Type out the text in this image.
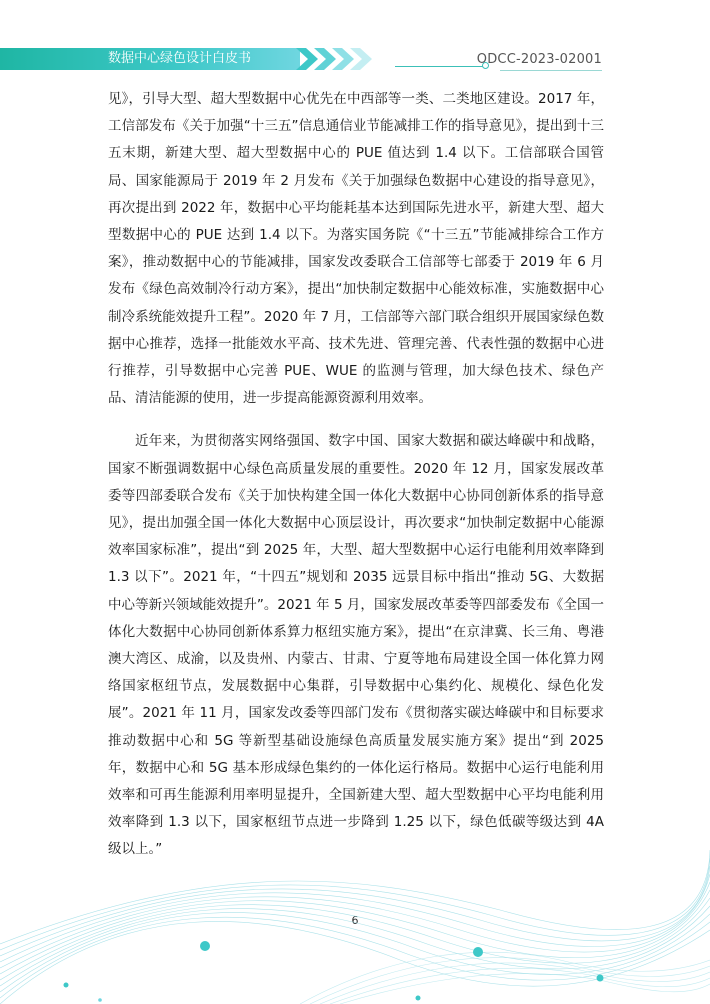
数据中心绿色设计白皮书	ODCC-2023-02001

见》，引导大型、超大型数据中心优先在中西部等一类、二类地区建设。2017 年，工信部发布《关于加强“十三五”信息通信业节能减排工作的指导意见》，提出到十三五末期，新建大型、超大型数据中心的 PUE 值达到 1.4 以下。工信部联合国管局、国家能源局于 2019 年 2 月发布《关于加强绿色数据中心建设的指导意见》，再次提出到 2022 年，数据中心平均能耗基本达到国际先进水平，新建大型、超大型数据中心的 PUE 达到 1.4 以下。为落实国务院《“十三五”节能减排综合工作方案》，推动数据中心的节能减排，国家发改委联合工信部等七部委于 2019 年 6 月发布《绿色高效制冷行动方案》，提出“加快制定数据中心能效标准，实施数据中心制冷系统能效提升工程”。2020 年 7 月，工信部等六部门联合组织开展国家绿色数据中心推荐，选择一批能效水平高、技术先进、管理完善、代表性强的数据中心进行推荐，引导数据中心完善 PUE、WUE 的监测与管理，加大绿色技术、绿色产品、清洁能源的使用，进一步提高能源资源利用效率。

近年来，为贯彻落实网络强国、数字中国、国家大数据和碳达峰碳中和战略，国家不断强调数据中心绿色高质量发展的重要性。2020 年 12 月，国家发展改革委等四部委联合发布《关于加快构建全国一体化大数据中心协同创新体系的指导意见》，提出加强全国一体化大数据中心顶层设计，再次要求“加快制定数据中心能源效率国家标准”，提出“到 2025 年，大型、超大型数据中心运行电能利用效率降到 1.3 以下”。2021 年，“十四五”规划和 2035 远景目标中指出“推动 5G、大数据中心等新兴领域能效提升”。2021 年 5 月，国家发展改革委等四部委发布《全国一体化大数据中心协同创新体系算力枢纽实施方案》，提出“在京津冀、长三角、粤港澳大湾区、成渝，以及贵州、内蒙古、甘肃、宁夏等地布局建设全国一体化算力网络国家枢纽节点，发展数据中心集群，引导数据中心集约化、规模化、绿色化发展”。2021 年 11 月，国家发改委等四部门发布《贯彻落实碳达峰碳中和目标要求推动数据中心和 5G 等新型基础设施绿色高质量发展实施方案》提出“到 2025 年，数据中心和 5G 基本形成绿色集约的一体化运行格局。数据中心运行电能利用效率和可再生能源利用率明显提升，全国新建大型、超大型数据中心平均电能利用效率降到 1.3 以下，国家枢纽节点进一步降到 1.25 以下，绿色低碳等级达到 4A 级以上。”

6
